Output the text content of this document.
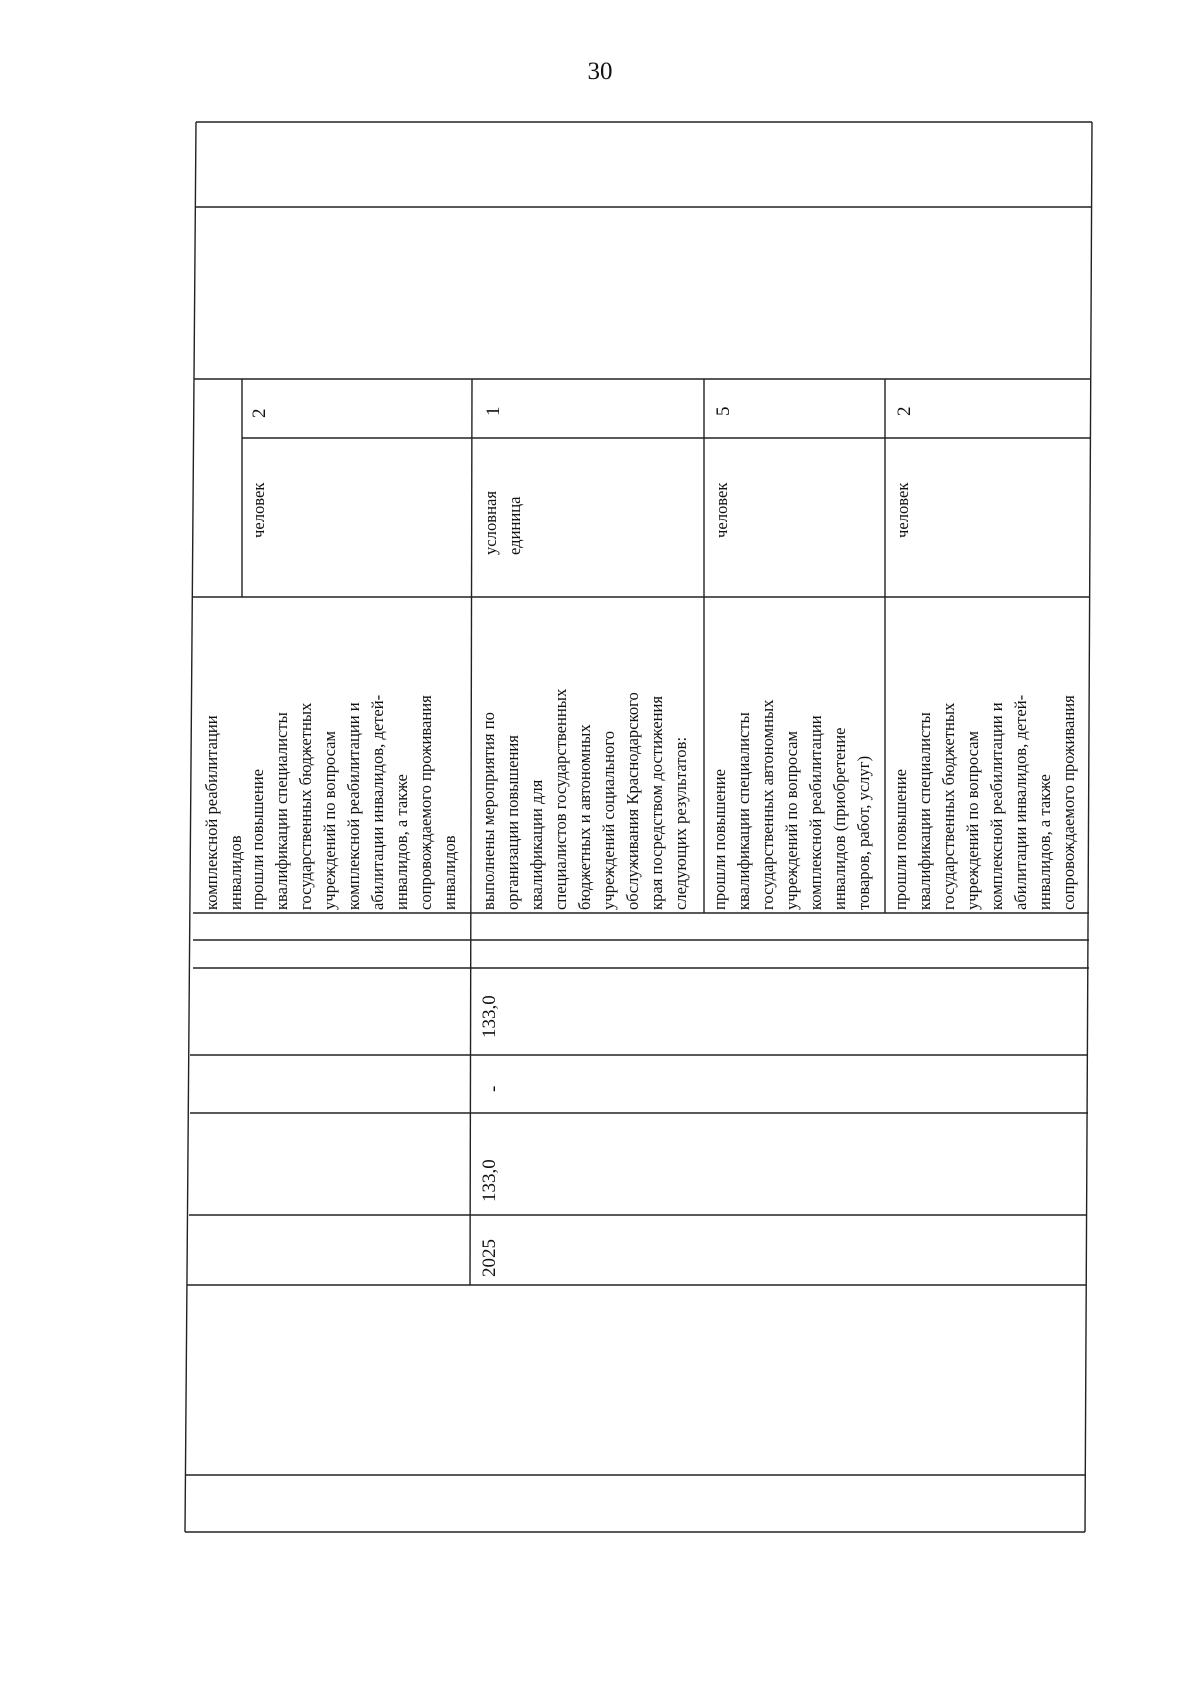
30
комплексной реабилитации инвалидов прошли повышение квалификации специалисты государственных бюджетных учреждений по вопросам комплексной реабилитации и абилитации инвалидов, детей- инвалидов, а также сопровождаемого проживания инвалидов
человек
2
выполнены мероприятия по организации повышения квалификации для специалистов государственных бюджетных и автономных учреждений социального обслуживания Краснодарского края посредством достижения следующих результатов:
условная единица
1
2025
133,0
-
133,0
прошли повышение квалификации специалисты государственных автономных учреждений по вопросам комплексной реабилитации инвалидов (приобретение товаров, работ, услуг)
человек
5
прошли повышение квалификации специалисты государственных бюджетных учреждений по вопросам комплексной реабилитации и абилитации инвалидов, детей- инвалидов, а также сопровождаемого проживания
человек
2
